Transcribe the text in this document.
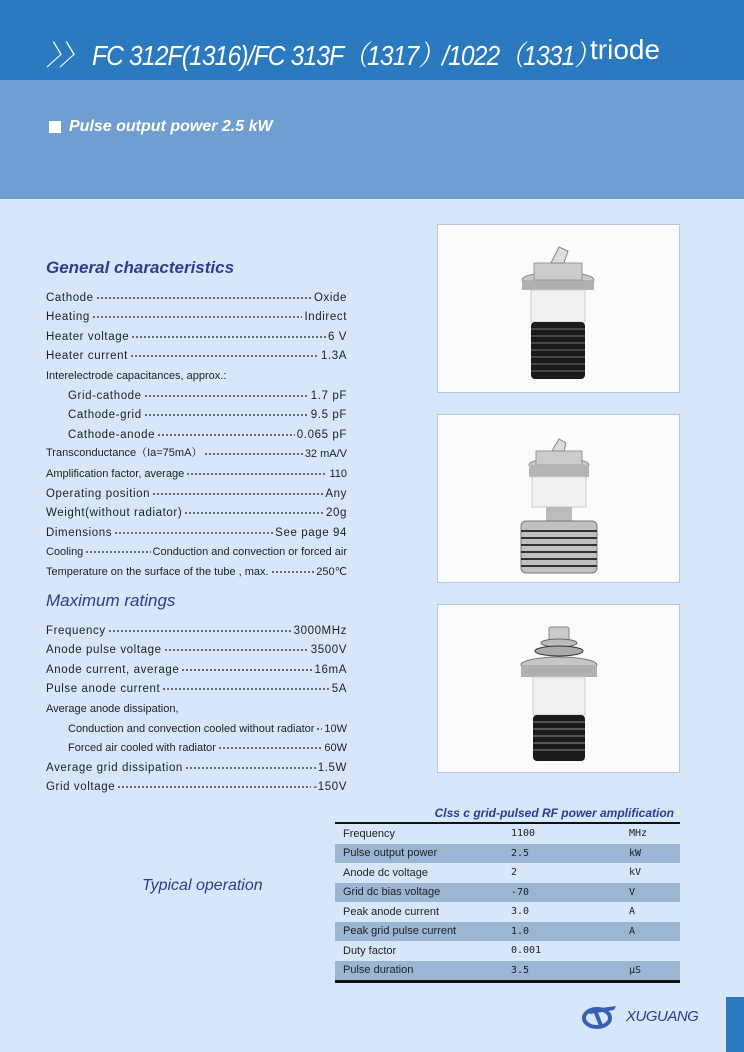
〉〉 FC 312F(1316)/FC 313F（1317）/1022（1331）
triode
Pulse output power 2.5 kW
General characteristics
Cathode	Oxide
Heating	Indirect
Heater voltage	6 V
Heater current	1.3A
Interelectrode capacitances, approx.:
Grid-cathode	1.7 pF
Cathode-grid	9.5 pF
Cathode-anode	0.065 pF
Transconductance（Ia=75mA）	32 mA/V
Amplification factor, average	110
Operating position	Any
Weight(without radiator)	20g
Dimensions	See page 94
Cooling	Conduction and convection or forced air
Temperature on the surface of the tube , max.	250℃
Maximum ratings
Frequency	3000MHz
Anode pulse voltage	3500V
Anode current, average	16mA
Pulse anode current	5A
Average anode dissipation,
Conduction and convection cooled without radiator 10W
Forced air cooled with radiator	60W
Average grid dissipation	1.5W
Grid voltage	-150V
Typical operation
Clss c grid-pulsed RF power amplification
Frequency	1100	MHz
Pulse output power	2.5	kW
Anode dc voltage	2	kV
Grid dc bias voltage	-70	V
Peak anode current	3.0	A
Peak grid pulse current	1.0	A
Duty factor	0.001	
Pulse duration	3.5	μS
XUGUANG
